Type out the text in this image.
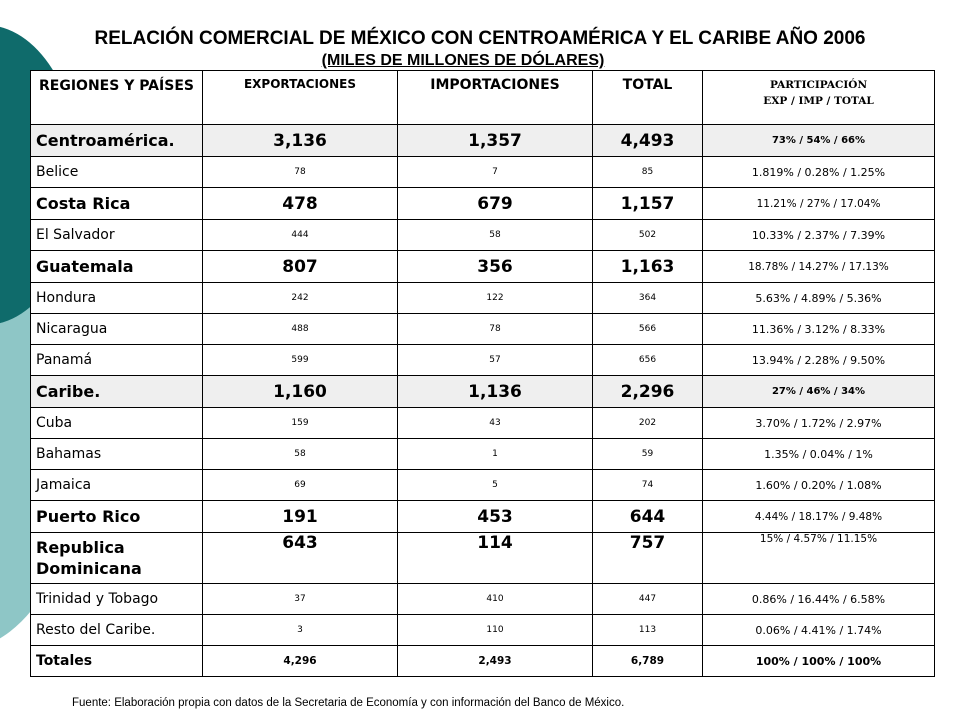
RELACIÓN COMERCIAL DE MÉXICO CON CENTROAMÉRICA Y EL CARIBE AÑO 2006
(MILES DE MILLONES DE DÓLARES)
REGIONES Y PAÍSES	EXPORTACIONES	IMPORTACIONES	TOTAL	PARTICIPACIÓN
EXP / IMP / TOTAL

Centroamérica.	3,136	1,357	4,493	73% / 54% / 66%
Belice	78	7	85	1.819% / 0.28% / 1.25%
Costa Rica	478	679	1,157	11.21% / 27% / 17.04%
El Salvador	444	58	502	10.33% / 2.37% / 7.39%
Guatemala	807	356	1,163	18.78% / 14.27% / 17.13%
Hondura	242	122	364	5.63% / 4.89% / 5.36%
Nicaragua	488	78	566	11.36% / 3.12% / 8.33%
Panamá	599	57	656	13.94% / 2.28% / 9.50%
Caribe.	1,160	1,136	2,296	27% / 46% / 34%
Cuba	159	43	202	3.70% / 1.72% / 2.97%
Bahamas	58	1	59	1.35% / 0.04% / 1%
Jamaica	69	5	74	1.60% / 0.20% / 1.08%
Puerto Rico	191	453	644	4.44% / 18.17% / 9.48%
Republica Dominicana	643	114	757	15% / 4.57% / 11.15%
Trinidad y Tobago	37	410	447	0.86% / 16.44% / 6.58%
Resto del Caribe.	3	110	113	0.06% / 4.41% / 1.74%
Totales	4,296	2,493	6,789	100% / 100% / 100%
Fuente: Elaboración propia con datos de la Secretaria de Economía y con información del Banco de México.
